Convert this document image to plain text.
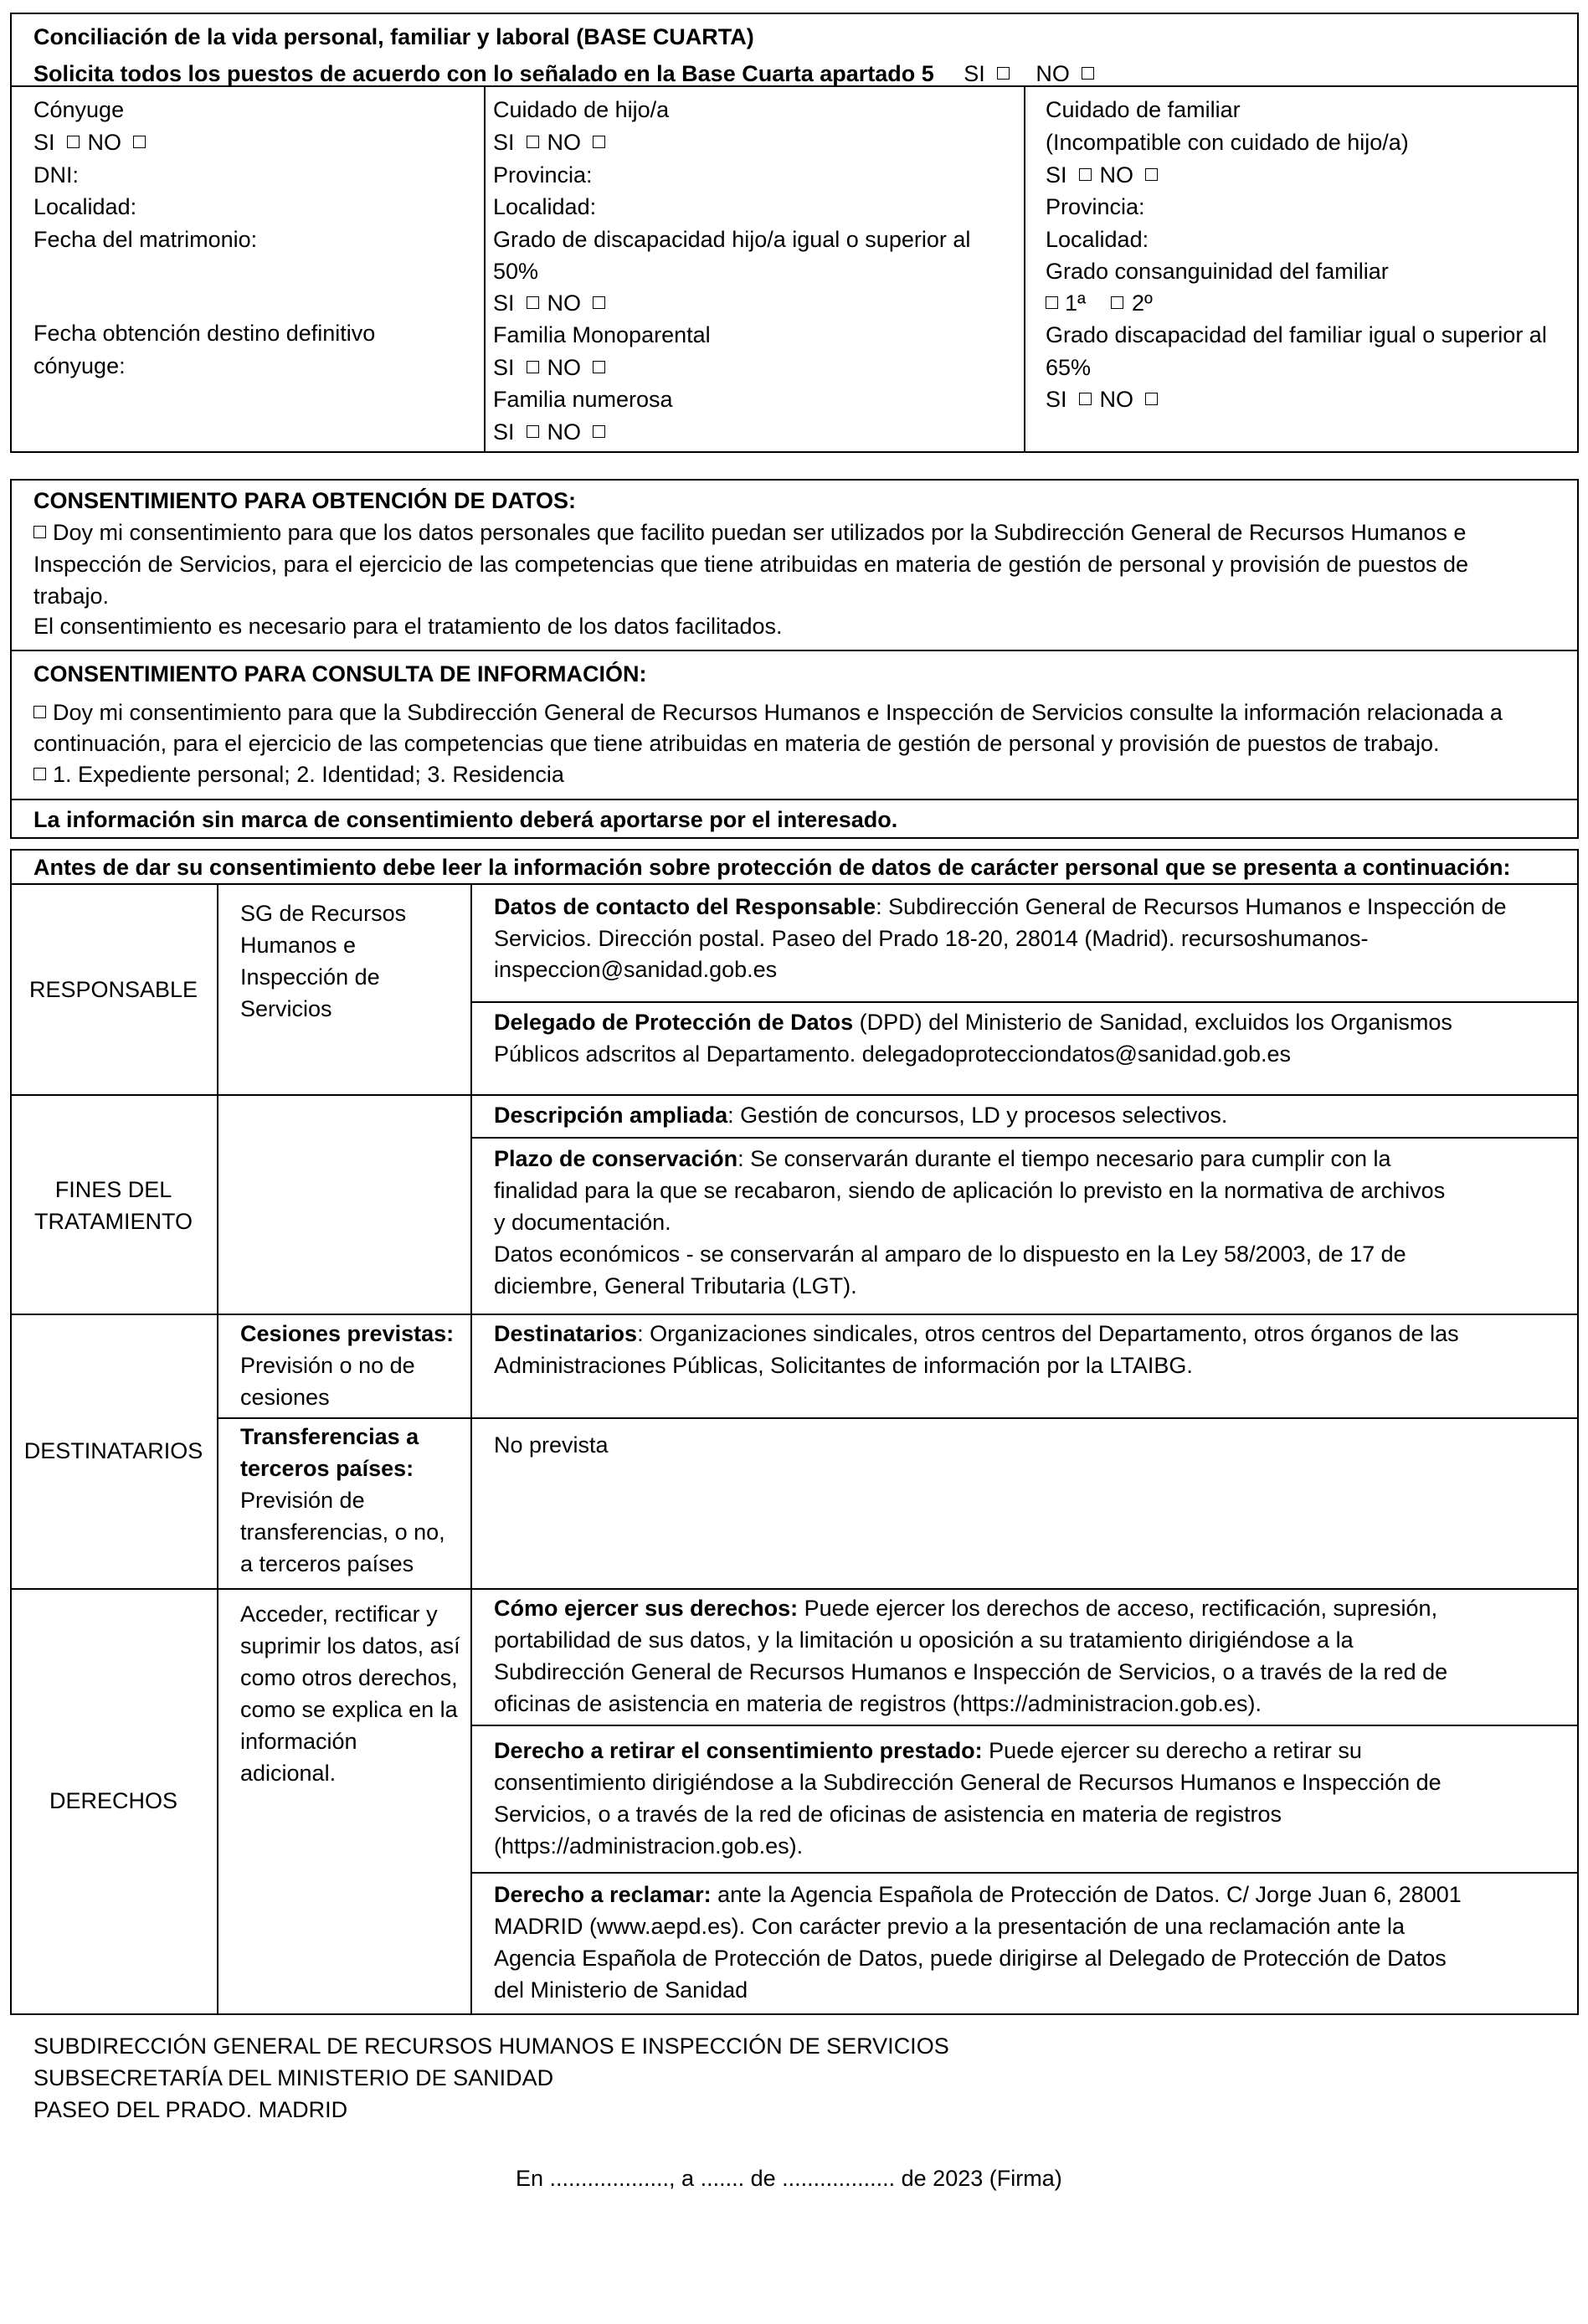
Conciliación de la vida personal, familiar y laboral (BASE CUARTA)
Solicita todos los puestos de acuerdo con lo señalado en la Base Cuarta apartado 5 SI NO
Cónyuge
SI NO
DNI:
Localidad:
Fecha del matrimonio:
Fecha obtención destino definitivo
cónyuge:
Cuidado de hijo/a
SI NO
Provincia:
Localidad:
Grado de discapacidad hijo/a igual o superior al
50%
SI NO
Familia Monoparental
SI NO
Familia numerosa
SI NO
Cuidado de familiar
(Incompatible con cuidado de hijo/a)
SI NO
Provincia:
Localidad:
Grado consanguinidad del familiar
1ª 2º
Grado discapacidad del familiar igual o superior al
65%
SI NO
CONSENTIMIENTO PARA OBTENCIÓN DE DATOS:
Doy mi consentimiento para que los datos personales que facilito puedan ser utilizados por la Subdirección General de Recursos Humanos e
Inspección de Servicios, para el ejercicio de las competencias que tiene atribuidas en materia de gestión de personal y provisión de puestos de
trabajo.
El consentimiento es necesario para el tratamiento de los datos facilitados.
CONSENTIMIENTO PARA CONSULTA DE INFORMACIÓN:
Doy mi consentimiento para que la Subdirección General de Recursos Humanos e Inspección de Servicios consulte la información relacionada a
continuación, para el ejercicio de las competencias que tiene atribuidas en materia de gestión de personal y provisión de puestos de trabajo.
1. Expediente personal; 2. Identidad; 3. Residencia
La información sin marca de consentimiento deberá aportarse por el interesado.
Antes de dar su consentimiento debe leer la información sobre protección de datos de carácter personal que se presenta a continuación:
RESPONSABLE
FINES DEL
TRATAMIENTO
DESTINATARIOS
DERECHOS
SG de Recursos
Humanos e
Inspección de
Servicios
Datos de contacto del Responsable: Subdirección General de Recursos Humanos e Inspección de
Servicios. Dirección postal. Paseo del Prado 18-20, 28014 (Madrid). recursoshumanos-
inspeccion@sanidad.gob.es
Delegado de Protección de Datos (DPD) del Ministerio de Sanidad, excluidos los Organismos
Públicos adscritos al Departamento. delegadoprotecciondatos@sanidad.gob.es
Descripción ampliada: Gestión de concursos, LD y procesos selectivos.
Plazo de conservación: Se conservarán durante el tiempo necesario para cumplir con la
finalidad para la que se recabaron, siendo de aplicación lo previsto en la normativa de archivos
y documentación.
Datos económicos - se conservarán al amparo de lo dispuesto en la Ley 58/2003, de 17 de
diciembre, General Tributaria (LGT).
Cesiones previstas:
Previsión o no de
cesiones
Transferencias a
terceros países:
Previsión de
transferencias, o no,
a terceros países
Destinatarios: Organizaciones sindicales, otros centros del Departamento, otros órganos de las
Administraciones Públicas, Solicitantes de información por la LTAIBG.
No prevista
Acceder, rectificar y
suprimir los datos, así
como otros derechos,
como se explica en la
información
adicional.
Cómo ejercer sus derechos: Puede ejercer los derechos de acceso, rectificación, supresión,
portabilidad de sus datos, y la limitación u oposición a su tratamiento dirigiéndose a la
Subdirección General de Recursos Humanos e Inspección de Servicios, o a través de la red de
oficinas de asistencia en materia de registros (https://administracion.gob.es).
Derecho a retirar el consentimiento prestado: Puede ejercer su derecho a retirar su
consentimiento dirigiéndose a la Subdirección General de Recursos Humanos e Inspección de
Servicios, o a través de la red de oficinas de asistencia en materia de registros
(https://administracion.gob.es).
Derecho a reclamar: ante la Agencia Española de Protección de Datos. C/ Jorge Juan 6, 28001
MADRID (www.aepd.es). Con carácter previo a la presentación de una reclamación ante la
Agencia Española de Protección de Datos, puede dirigirse al Delegado de Protección de Datos
del Ministerio de Sanidad
SUBDIRECCIÓN GENERAL DE RECURSOS HUMANOS E INSPECCIÓN DE SERVICIOS
SUBSECRETARÍA DEL MINISTERIO DE SANIDAD
PASEO DEL PRADO. MADRID
En ..................., a ....... de .................. de 2023 (Firma)
